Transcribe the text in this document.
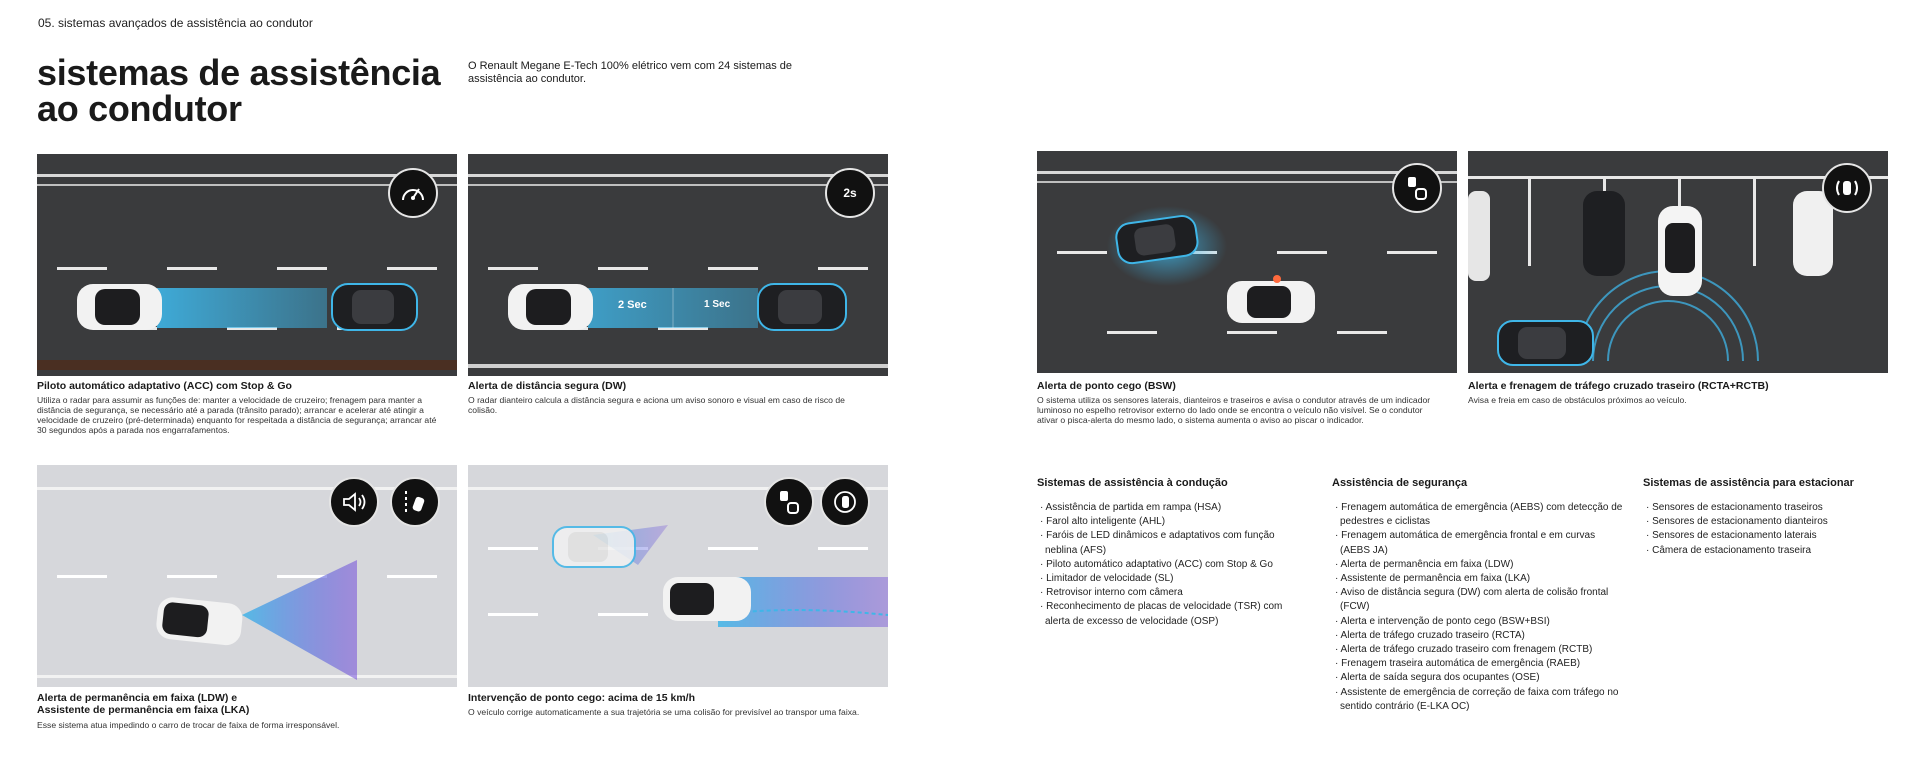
05. sistemas avançados de assistência ao condutor
sistemas de assistência
ao condutor

O Renault Megane E-Tech 100% elétrico vem com 24 sistemas de assistência ao condutor.

Piloto automático adaptativo (ACC) com Stop & Go
Utiliza o radar para assumir as funções de: manter a velocidade de cruzeiro; frenagem para manter a distância de segurança, se necessário até a parada (trânsito parado); arrancar e acelerar até atingir a velocidade de cruzeiro (pré-determinada) enquanto for respeitada a distância de segurança; arrancar até 30 segundos após a parada nos engarrafamentos.
2 Sec	1 Sec
2s
Alerta de distância segura (DW)
O radar dianteiro calcula a distância segura e aciona um aviso sonoro e visual em caso de risco de colisão.
Alerta de ponto cego (BSW)
O sistema utiliza os sensores laterais, dianteiros e traseiros e avisa o condutor através de um indicador luminoso no espelho retrovisor externo do lado onde se encontra o veículo não visível. Se o condutor ativar o pisca-alerta do mesmo lado, o sistema aumenta o aviso ao piscar o indicador.
Alerta e frenagem de tráfego cruzado traseiro (RCTA+RCTB)
Avisa e freia em caso de obstáculos próximos ao veículo.
Alerta de permanência em faixa (LDW) e
Assistente de permanência em faixa (LKA)
Esse sistema atua impedindo o carro de trocar de faixa de forma irresponsável.
Intervenção de ponto cego: acima de 15 km/h
O veículo corrige automaticamente a sua trajetória se uma colisão for previsível ao transpor uma faixa.
Sistemas de assistência à condução
· Assistência de partida em rampa (HSA)
· Farol alto inteligente (AHL)
· Faróis de LED dinâmicos e adaptativos com função neblina (AFS)
· Piloto automático adaptativo (ACC) com Stop & Go
· Limitador de velocidade (SL)
· Retrovisor interno com câmera
· Reconhecimento de placas de velocidade (TSR) com alerta de excesso de velocidade (OSP)
Assistência de segurança
· Frenagem automática de emergência (AEBS) com detecção de pedestres e ciclistas
· Frenagem automática de emergência frontal e em curvas (AEBS JA)
· Alerta de permanência em faixa (LDW)
· Assistente de permanência em faixa (LKA)
· Aviso de distância segura (DW) com alerta de colisão frontal (FCW)
· Alerta e intervenção de ponto cego (BSW+BSI)
· Alerta de tráfego cruzado traseiro (RCTA)
· Alerta de tráfego cruzado traseiro com frenagem (RCTB)
· Frenagem traseira automática de emergência (RAEB)
· Alerta de saída segura dos ocupantes (OSE)
· Assistente de emergência de correção de faixa com tráfego no sentido contrário (E-LKA OC)
Sistemas de assistência para estacionar
· Sensores de estacionamento traseiros
· Sensores de estacionamento dianteiros
· Sensores de estacionamento laterais
· Câmera de estacionamento traseira
